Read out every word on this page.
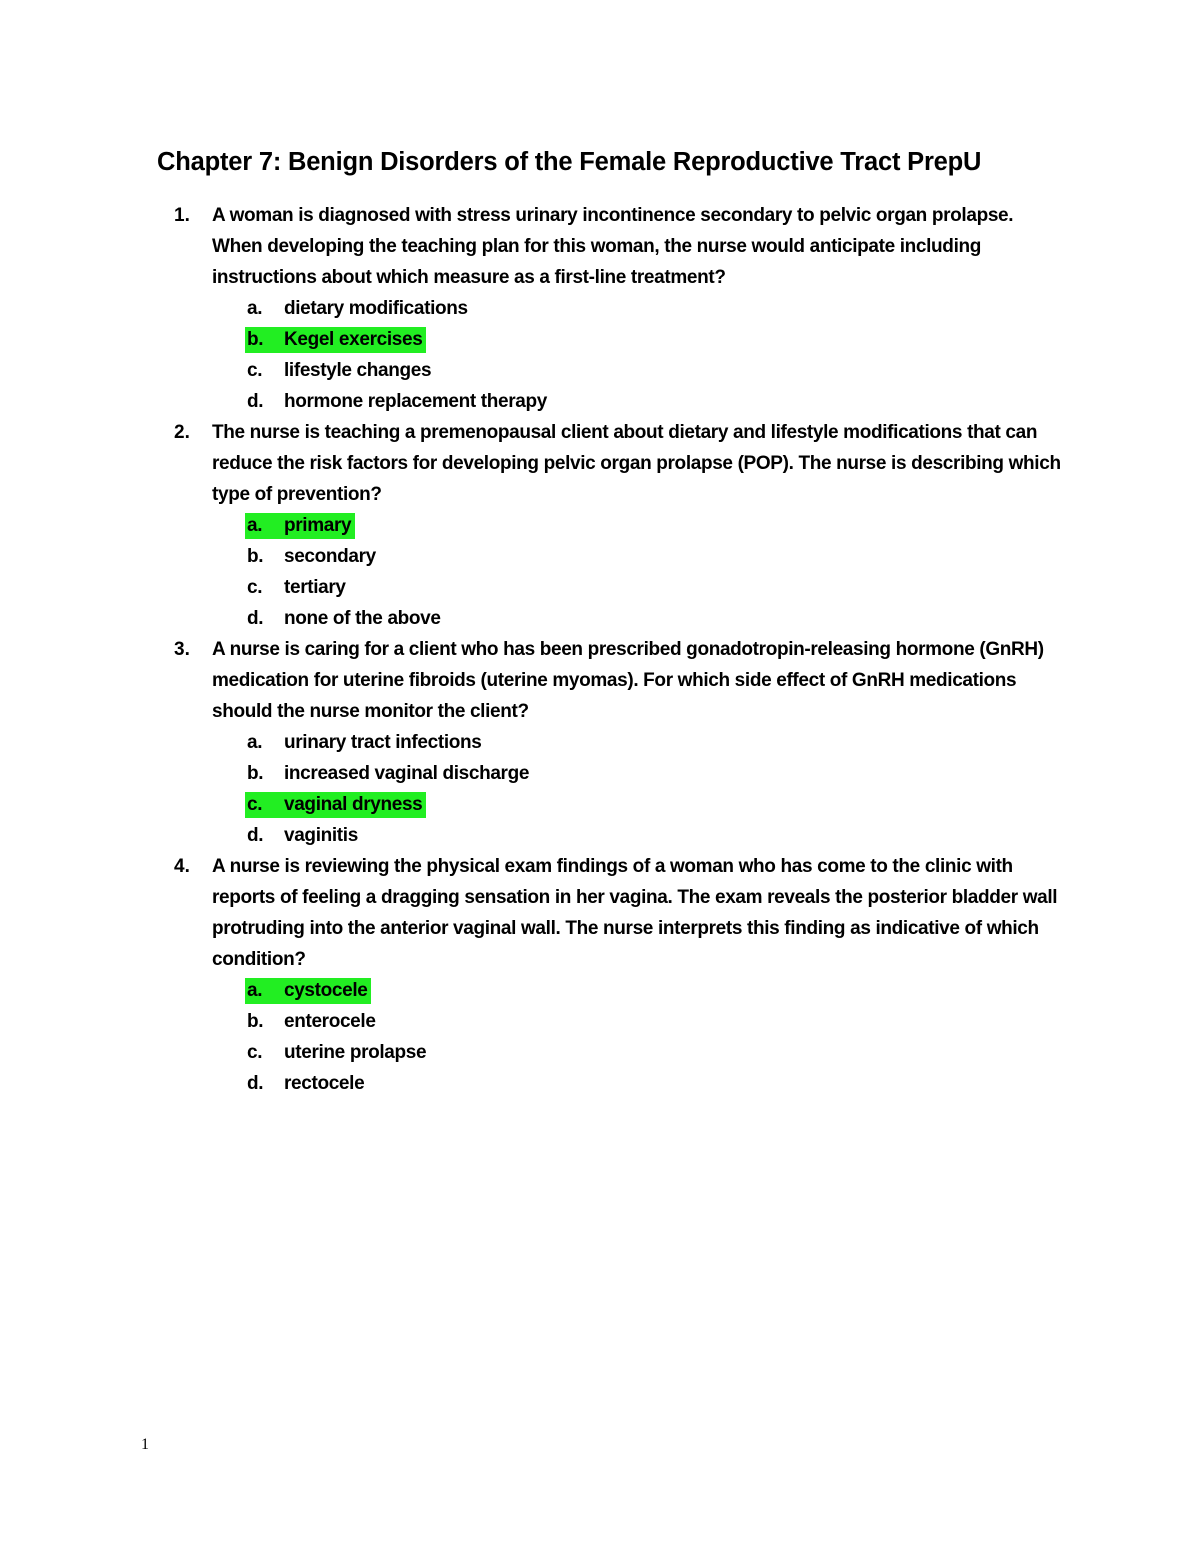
Chapter 7: Benign Disorders of the Female Reproductive Tract PrepU
1. A woman is diagnosed with stress urinary incontinence secondary to pelvic organ prolapse. When developing the teaching plan for this woman, the nurse would anticipate including instructions about which measure as a first-line treatment?
a. dietary modifications
b. Kegel exercises
c. lifestyle changes
d. hormone replacement therapy
2. The nurse is teaching a premenopausal client about dietary and lifestyle modifications that can reduce the risk factors for developing pelvic organ prolapse (POP). The nurse is describing which type of prevention?
a. primary
b. secondary
c. tertiary
d. none of the above
3. A nurse is caring for a client who has been prescribed gonadotropin-releasing hormone (GnRH) medication for uterine fibroids (uterine myomas). For which side effect of GnRH medications should the nurse monitor the client?
a. urinary tract infections
b. increased vaginal discharge
c. vaginal dryness
d. vaginitis
4. A nurse is reviewing the physical exam findings of a woman who has come to the clinic with reports of feeling a dragging sensation in her vagina. The exam reveals the posterior bladder wall protruding into the anterior vaginal wall. The nurse interprets this finding as indicative of which condition?
a. cystocele
b. enterocele
c. uterine prolapse
d. rectocele
1
